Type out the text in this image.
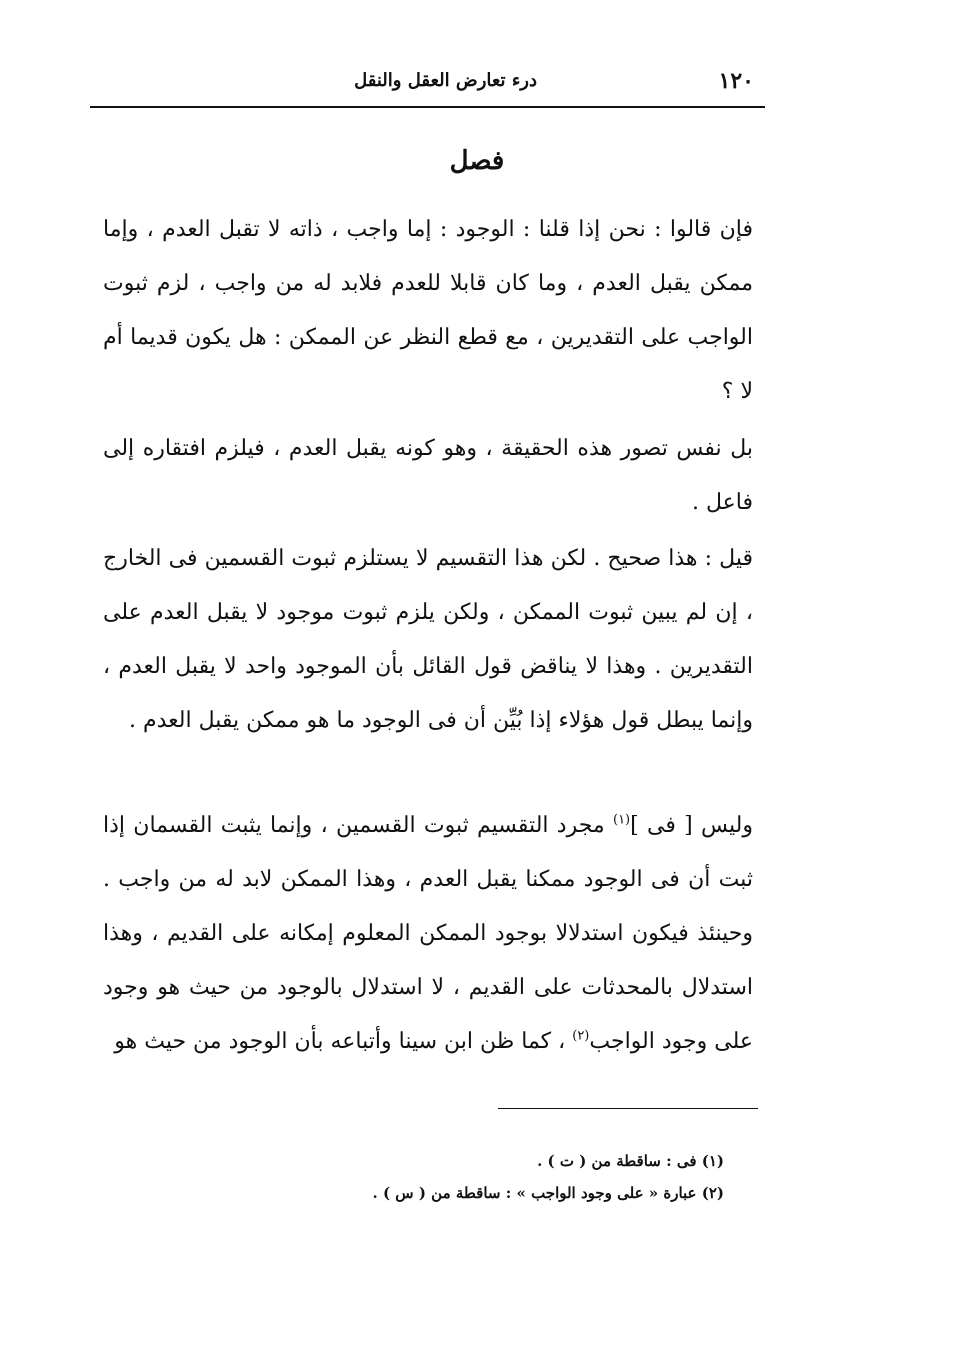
١٢٠
درء تعارض العقل والنقل
فصل

فإن قالوا : نحن إذا قلنا : الوجود : إما واجب ، ذاته لا تقبل العدم ، وإما ممكن يقبل العدم ، وما كان قابلا للعدم فلابد له من واجب ، لزم ثبوت الواجب على التقديرين ، مع قطع النظر عن الممكن : هل يكون قديما أم لا ؟

بل نفس تصور هذه الحقيقة ، وهو كونه يقبل العدم ، فيلزم افتقاره إلى فاعل .

قيل : هذا صحيح . لكن هذا التقسيم لا يستلزم ثبوت القسمين فى الخارج ، إن لم يبين ثبوت الممكن ، ولكن يلزم ثبوت موجود لا يقبل العدم على التقديرين . وهذا لا يناقض قول القائل بأن الموجود واحد لا يقبل العدم ، وإنما يبطل قول هؤلاء إذا بُيِّن أن فى الوجود ما هو ممكن يقبل العدم .

وليس [ فى ]$^{(١)}$ مجرد التقسيم ثبوت القسمين ، وإنما يثبت القسمان إذا ثبت أن فى الوجود ممكنا يقبل العدم ، وهذا الممكن لابد له من واجب . وحينئذ فيكون استدلالا بوجود الممكن المعلوم إمكانه على القديم ، وهذا استدلال بالمحدثات على القديم ، لا استدلال بالوجود من حيث هو وجود على وجود الواجب$^{(٢)}$ ، كما ظن ابن سينا وأتباعه بأن الوجود من حيث هو

(١) فى : ساقطة من ( ت ) .
(٢) عبارة « على وجود الواجب » : ساقطة من ( س ) .
